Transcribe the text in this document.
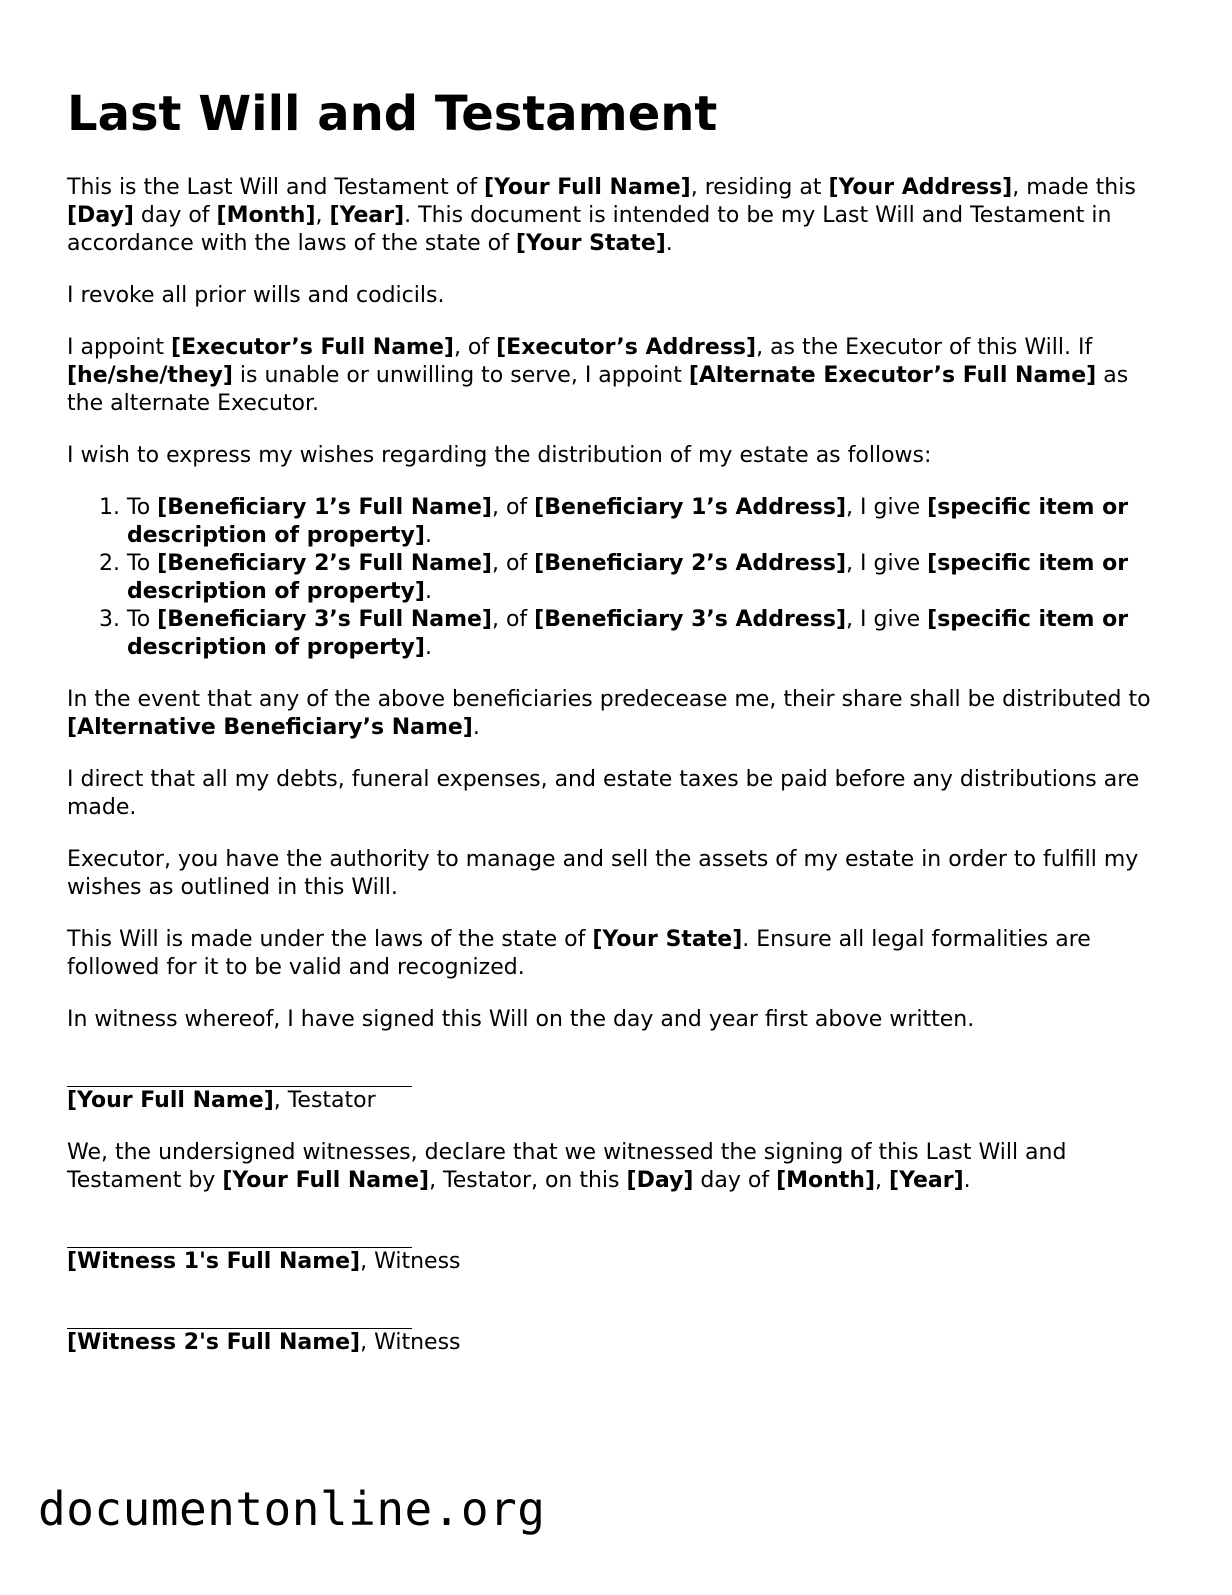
Last Will and Testament

This is the Last Will and Testament of [Your Full Name], residing at [Your Address], made this [Day] day of [Month], [Year]. This document is intended to be my Last Will and Testament in accordance with the laws of the state of [Your State].

I revoke all prior wills and codicils.

I appoint [Executor’s Full Name], of [Executor’s Address], as the Executor of this Will. If [he/she/they] is unable or unwilling to serve, I appoint [Alternate Executor’s Full Name] as the alternate Executor.

I wish to express my wishes regarding the distribution of my estate as follows:

1. To [Beneficiary 1’s Full Name], of [Beneficiary 1’s Address], I give [specific item or description of property].
2. To [Beneficiary 2’s Full Name], of [Beneficiary 2’s Address], I give [specific item or description of property].
3. To [Beneficiary 3’s Full Name], of [Beneficiary 3’s Address], I give [specific item or description of property].

In the event that any of the above beneficiaries predecease me, their share shall be distributed to [Alternative Beneficiary’s Name].

I direct that all my debts, funeral expenses, and estate taxes be paid before any distributions are made.

Executor, you have the authority to manage and sell the assets of my estate in order to fulfill my wishes as outlined in this Will.

This Will is made under the laws of the state of [Your State]. Ensure all legal formalities are followed for it to be valid and recognized.

In witness whereof, I have signed this Will on the day and year first above written.

[Your Full Name], Testator

We, the undersigned witnesses, declare that we witnessed the signing of this Last Will and Testament by [Your Full Name], Testator, on this [Day] day of [Month], [Year].

[Witness 1's Full Name], Witness

[Witness 2's Full Name], Witness

documentonline.org
